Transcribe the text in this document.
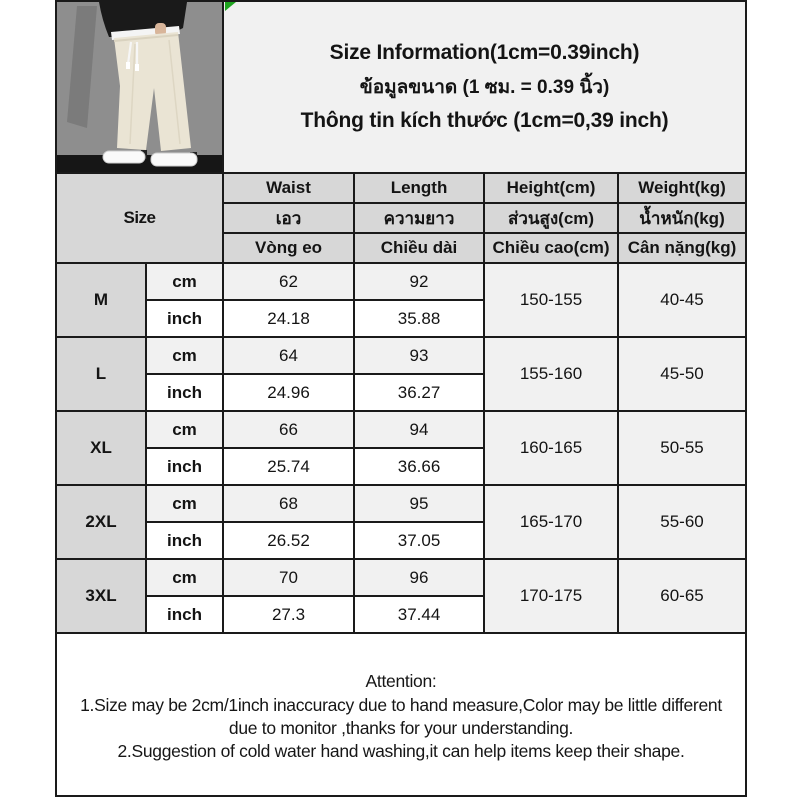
Size Information(1cm=0.39inch)
ข้อมูลขนาด (1 ซม. = 0.39 นิ้ว)
Thông tin kích thước (1cm=0,39 inch)			

Size		Waist	Length	Height(cm)	Weight(kg)
		เอว	ความยาว	ส่วนสูง(cm)	น้ำหนัก(kg)
		Vòng eo	Chiều dài	Chiều cao(cm)	Cân nặng(kg)
M	cm	62	92	150-155	40-45
	inch	24.18	35.88		
L	cm	64	93	155-160	45-50
	inch	24.96	36.27		
XL	cm	66	94	160-165	50-55
	inch	25.74	36.66		
2XL	cm	68	95	165-170	55-60
	inch	26.52	37.05		
3XL	cm	70	96	170-175	60-65
	inch	27.3	37.44		

Attention:
1.Size may be 2cm/1inch inaccuracy due to hand measure,Color may be little different due to monitor ,thanks for your understanding.
2.Suggestion of cold water hand washing,it can help items keep their shape.					
